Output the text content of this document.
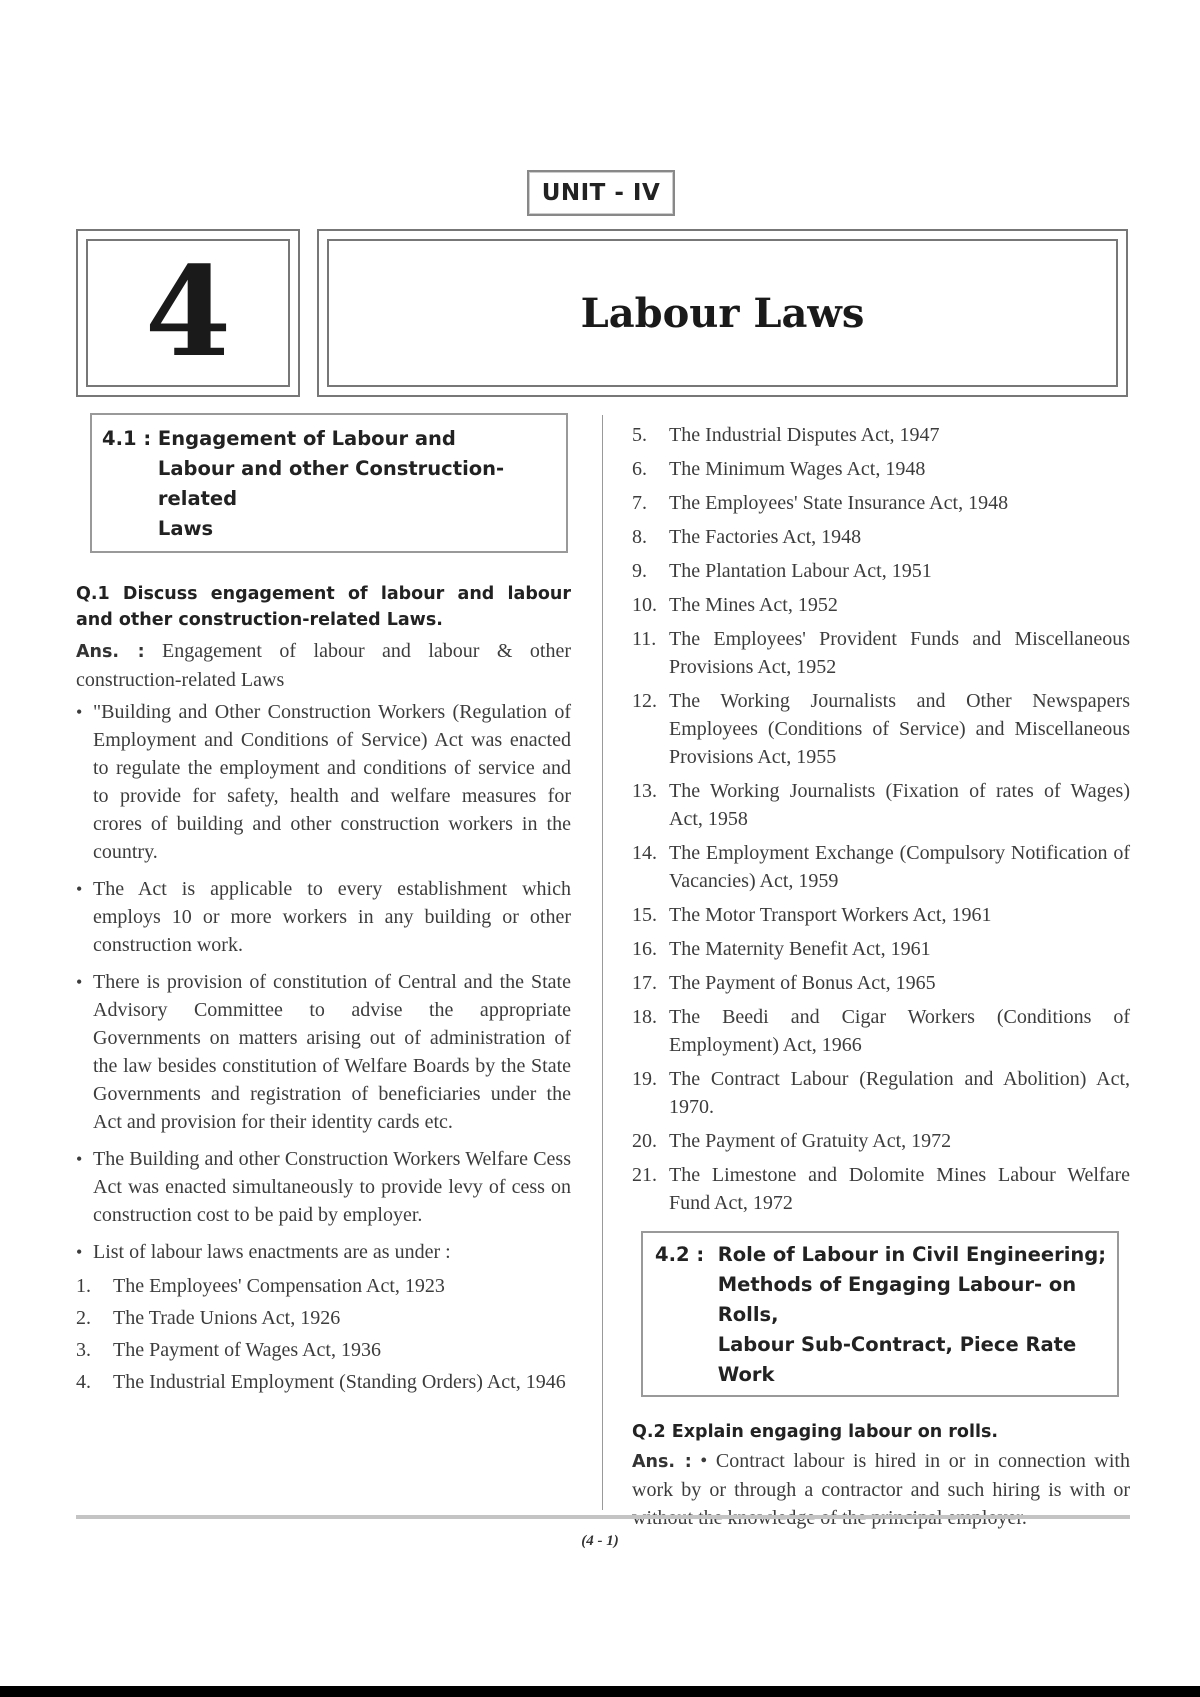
UNIT - IV
4	Labour Laws
4.1 : Engagement of Labour and
Labour and other Construction-related
Laws
Q.1 Discuss engagement of labour and labour and other construction-related Laws.
Ans. : Engagement of labour and labour & other construction-related Laws
• "Building and Other Construction Workers (Regulation of Employment and Conditions of Service) Act was enacted to regulate the employment and conditions of service and to provide for safety, health and welfare measures for crores of building and other construction workers in the country.
• The Act is applicable to every establishment which employs 10 or more workers in any building or other construction work.
• There is provision of constitution of Central and the State Advisory Committee to advise the appropriate Governments on matters arising out of administration of the law besides constitution of Welfare Boards by the State Governments and registration of beneficiaries under the Act and provision for their identity cards etc.
• The Building and other Construction Workers Welfare Cess Act was enacted simultaneously to provide levy of cess on construction cost to be paid by employer.
• List of labour laws enactments are as under :
1.	The Employees' Compensation Act, 1923
2.	The Trade Unions Act, 1926
3.	The Payment of Wages Act, 1936
4.	The Industrial Employment (Standing Orders) Act, 1946
5.	The Industrial Disputes Act, 1947
6.	The Minimum Wages Act, 1948
7.	The Employees' State Insurance Act, 1948
8.	The Factories Act, 1948
9.	The Plantation Labour Act, 1951
10. The Mines Act, 1952
11. The Employees' Provident Funds and Miscellaneous Provisions Act, 1952
12. The Working Journalists and Other Newspapers Employees (Conditions of Service) and Miscellaneous Provisions Act, 1955
13. The Working Journalists (Fixation of rates of Wages) Act, 1958
14. The Employment Exchange (Compulsory Notification of Vacancies) Act, 1959
15. The Motor Transport Workers Act, 1961
16. The Maternity Benefit Act, 1961
17. The Payment of Bonus Act, 1965
18. The Beedi and Cigar Workers (Conditions of Employment) Act, 1966
19. The Contract Labour (Regulation and Abolition) Act, 1970.
20. The Payment of Gratuity Act, 1972
21. The Limestone and Dolomite Mines Labour Welfare Fund Act, 1972
4.2 : Role of Labour in Civil Engineering;
Methods of Engaging Labour- on Rolls,
Labour Sub-Contract, Piece Rate Work
Q.2 Explain engaging labour on rolls.
Ans. : • Contract labour is hired in or in connection with work by or through a contractor and such hiring is with or
(4 - 1)
